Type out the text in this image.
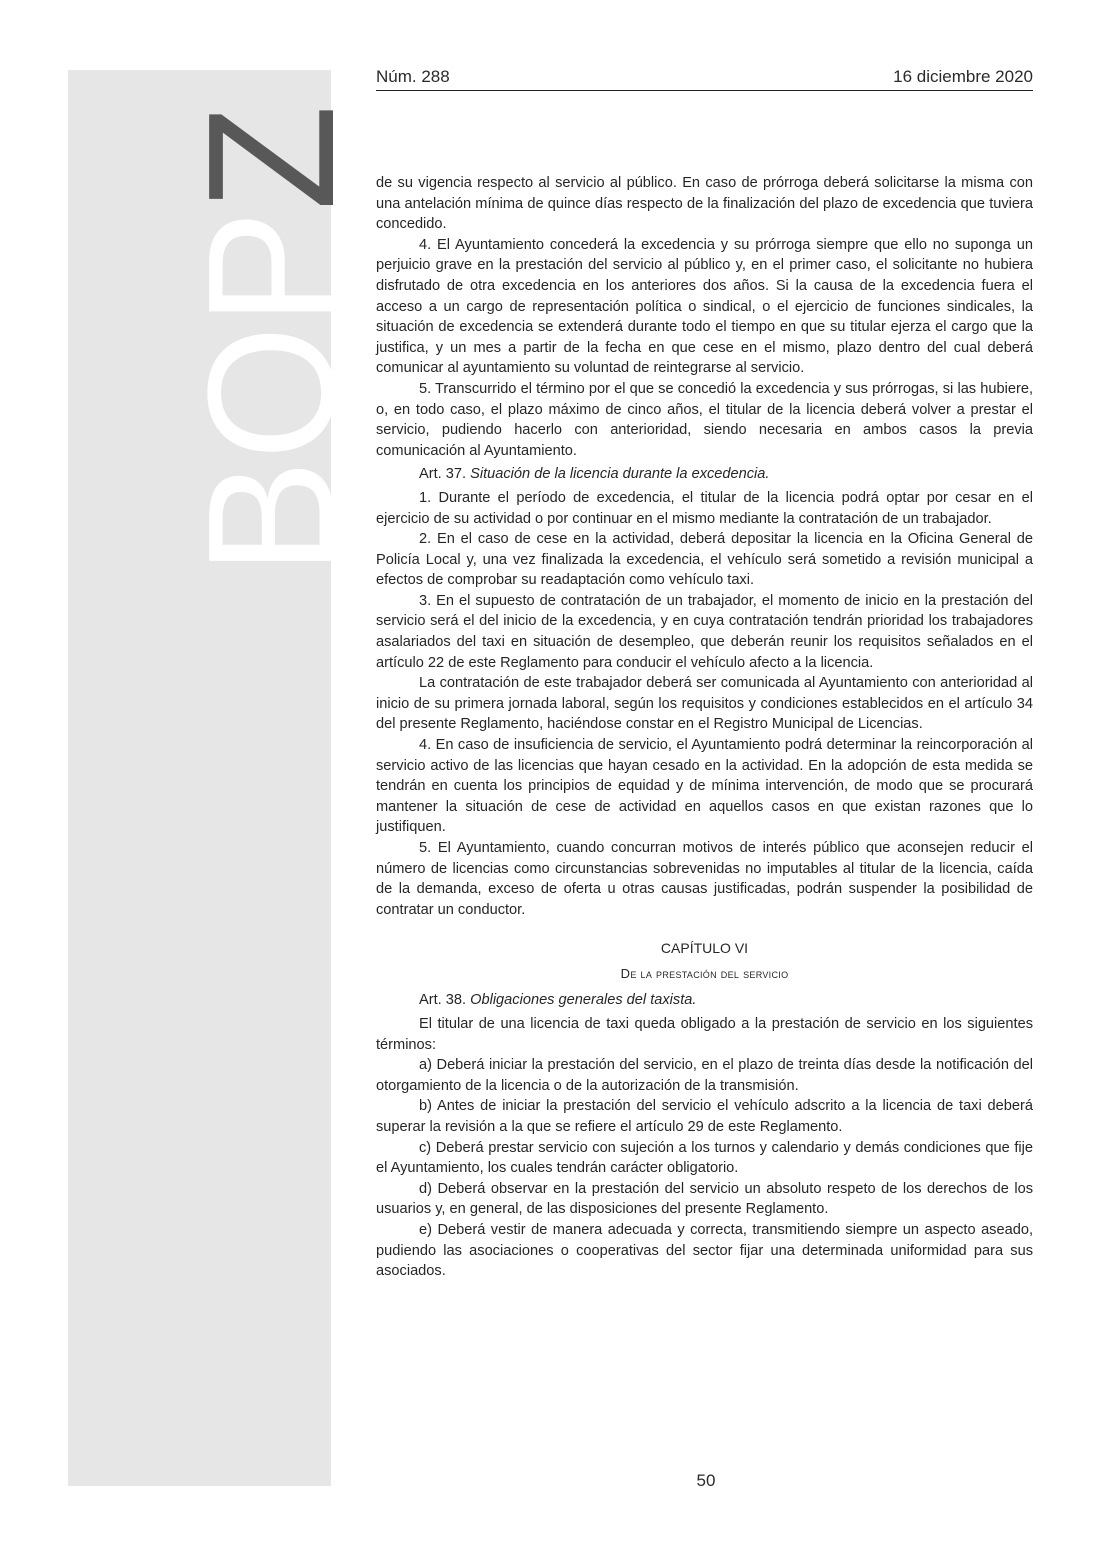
BOPZ
Núm. 288	16 diciembre 2020

de su vigencia respecto al servicio al público. En caso de prórroga deberá solicitarse la misma con una antelación mínima de quince días respecto de la finalización del plazo de excedencia que tuviera concedido.

4. El Ayuntamiento concederá la excedencia y su prórroga siempre que ello no suponga un perjuicio grave en la prestación del servicio al público y, en el primer caso, el solicitante no hubiera disfrutado de otra excedencia en los anteriores dos años. Si la causa de la excedencia fuera el acceso a un cargo de representación política o sindical, o el ejercicio de funciones sindicales, la situación de excedencia se extenderá durante todo el tiempo en que su titular ejerza el cargo que la justifica, y un mes a partir de la fecha en que cese en el mismo, plazo dentro del cual deberá comunicar al ayuntamiento su voluntad de reintegrarse al servicio.

5. Transcurrido el término por el que se concedió la excedencia y sus prórrogas, si las hubiere, o, en todo caso, el plazo máximo de cinco años, el titular de la licencia deberá volver a prestar el servicio, pudiendo hacerlo con anterioridad, siendo necesaria en ambos casos la previa comunicación al Ayuntamiento.

Art. 37. Situación de la licencia durante la excedencia.

1. Durante el período de excedencia, el titular de la licencia podrá optar por cesar en el ejercicio de su actividad o por continuar en el mismo mediante la contratación de un trabajador.

2. En el caso de cese en la actividad, deberá depositar la licencia en la Oficina General de Policía Local y, una vez finalizada la excedencia, el vehículo será sometido a revisión municipal a efectos de comprobar su readaptación como vehículo taxi.

3. En el supuesto de contratación de un trabajador, el momento de inicio en la prestación del servicio será el del inicio de la excedencia, y en cuya contratación tendrán prioridad los trabajadores asalariados del taxi en situación de desempleo, que deberán reunir los requisitos señalados en el artículo 22 de este Reglamento para conducir el vehículo afecto a la licencia.

La contratación de este trabajador deberá ser comunicada al Ayuntamiento con anterioridad al inicio de su primera jornada laboral, según los requisitos y condiciones establecidos en el artículo 34 del presente Reglamento, haciéndose constar en el Registro Municipal de Licencias.

4. En caso de insuficiencia de servicio, el Ayuntamiento podrá determinar la reincorporación al servicio activo de las licencias que hayan cesado en la actividad. En la adopción de esta medida se tendrán en cuenta los principios de equidad y de mínima intervención, de modo que se procurará mantener la situación de cese de actividad en aquellos casos en que existan razones que lo justifiquen.

5. El Ayuntamiento, cuando concurran motivos de interés público que aconsejen reducir el número de licencias como circunstancias sobrevenidas no imputables al titular de la licencia, caída de la demanda, exceso de oferta u otras causas justificadas, podrán suspender la posibilidad de contratar un conductor.

CAPÍTULO VI

De la prestación del servicio

Art. 38. Obligaciones generales del taxista.

El titular de una licencia de taxi queda obligado a la prestación de servicio en los siguientes términos:

a) Deberá iniciar la prestación del servicio, en el plazo de treinta días desde la notificación del otorgamiento de la licencia o de la autorización de la transmisión.

b) Antes de iniciar la prestación del servicio el vehículo adscrito a la licencia de taxi deberá superar la revisión a la que se refiere el artículo 29 de este Reglamento.

c) Deberá prestar servicio con sujeción a los turnos y calendario y demás condiciones que fije el Ayuntamiento, los cuales tendrán carácter obligatorio.

d) Deberá observar en la prestación del servicio un absoluto respeto de los derechos de los usuarios y, en general, de las disposiciones del presente Reglamento.

e) Deberá vestir de manera adecuada y correcta, transmitiendo siempre un aspecto aseado, pudiendo las asociaciones o cooperativas del sector fijar una determinada uniformidad para sus asociados.

50
